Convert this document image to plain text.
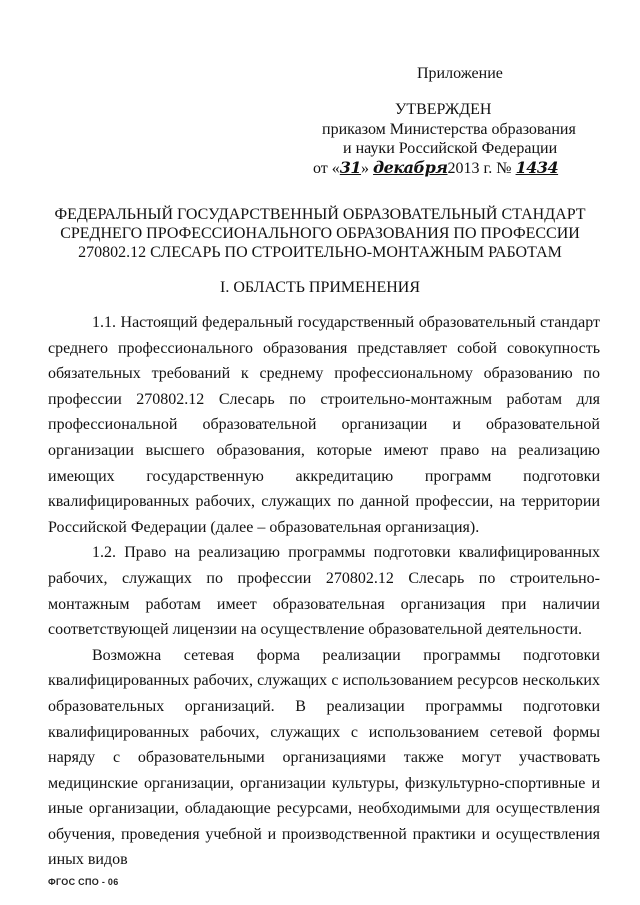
Приложение
УТВЕРЖДЕН
приказом Министерства образования
и науки Российской Федерации
от «31» декабря2013 г. № 1434
ФЕДЕРАЛЬНЫЙ ГОСУДАРСТВЕННЫЙ ОБРАЗОВАТЕЛЬНЫЙ СТАНДАРТ СРЕДНЕГО ПРОФЕССИОНАЛЬНОГО ОБРАЗОВАНИЯ ПО ПРОФЕССИИ 270802.12 СЛЕСАРЬ ПО СТРОИТЕЛЬНО-МОНТАЖНЫМ РАБОТАМ
I. ОБЛАСТЬ ПРИМЕНЕНИЯ

1.1. Настоящий федеральный государственный образовательный стандарт среднего профессионального образования представляет собой совокупность обязательных требований к среднему профессиональному образованию по профессии 270802.12 Слесарь по строительно-монтажным работам для профессиональной образовательной организации и образовательной организации высшего образования, которые имеют право на реализацию имеющих государственную аккредитацию программ подготовки квалифицированных рабочих, служащих по данной профессии, на территории Российской Федерации (далее – образовательная организация).

1.2. Право на реализацию программы подготовки квалифицированных рабочих, служащих по профессии 270802.12 Слесарь по строительно-монтажным работам имеет образовательная организация при наличии соответствующей лицензии на осуществление образовательной деятельности.

Возможна сетевая форма реализации программы подготовки квалифицированных рабочих, служащих с использованием ресурсов нескольких образовательных организаций. В реализации программы подготовки квалифицированных рабочих, служащих с использованием сетевой формы наряду с образовательными организациями также могут участвовать медицинские организации, организации культуры, физкультурно-спортивные и иные организации, обладающие ресурсами, необходимыми для осуществления обучения, проведения учебной и производственной практики и осуществления иных видов

ФГОС СПО - 06
